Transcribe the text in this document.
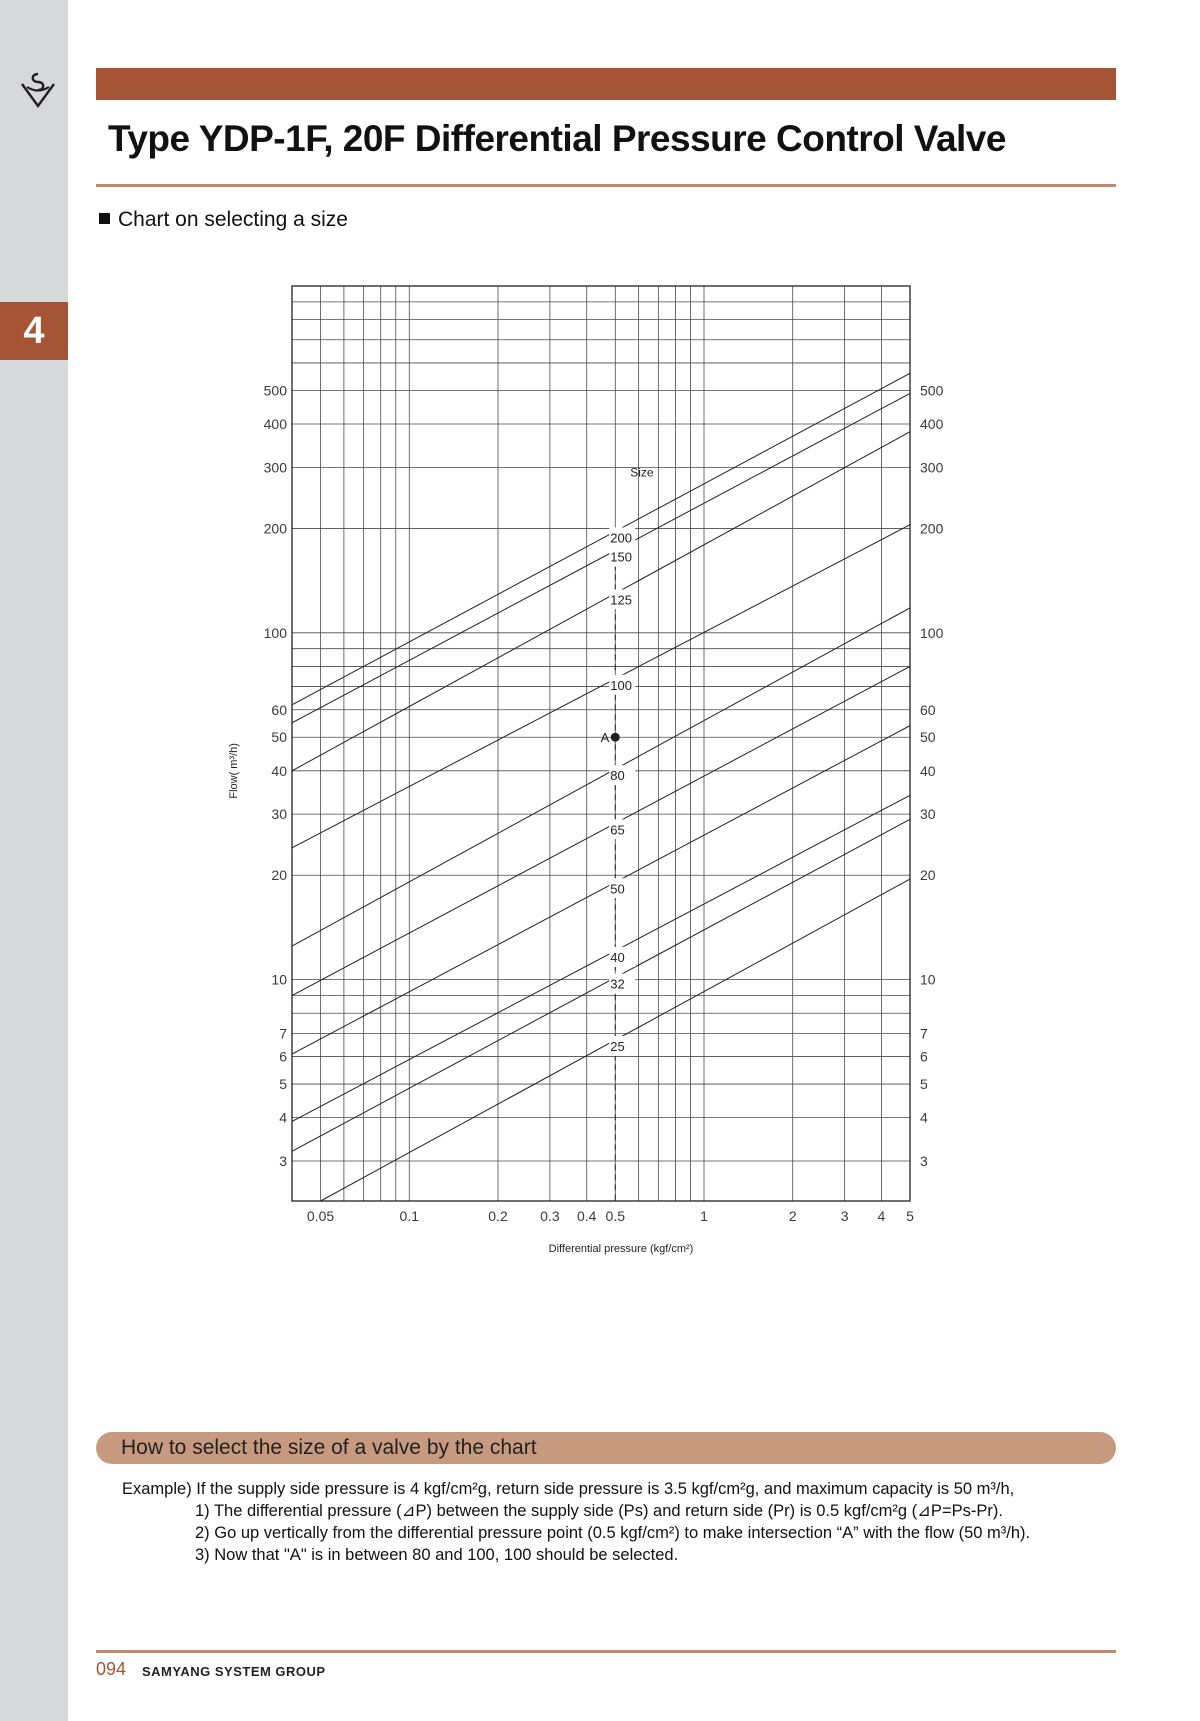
4
Type YDP-1F, 20F Differential Pressure Control Valve
Chart on selecting a size
200
150
125
100
80
65
50
40
32
25
3
4
5
6
7
10
20
30
40
50
60
100
200
300
400
500
3
4
5
6
7
10
20
30
40
50
60
100
200
300
400
500
0.05	0.1	0.2 0.3 0.4 0.5	1	2	3 4 5
A
Size
Differential pressure (kgf/cm²)
Flow( m³/h)
How to select the size of a valve by the chart
Example) If the supply side pressure is 4 kgf/cm²g, return side pressure is 3.5 kgf/cm²g, and maximum capacity is 50 m³/h,
1) The differential pressure (⊿P) between the supply side (Ps) and return side (Pr) is 0.5 kgf/cm²g (⊿P=Ps-Pr).
2) Go up vertically from the differential pressure point (0.5 kgf/cm²) to make intersection “A” with the flow (50 m³/h).
3) Now that "A" is in between 80 and 100, 100 should be selected.
094 SAMYANG SYSTEM GROUP
